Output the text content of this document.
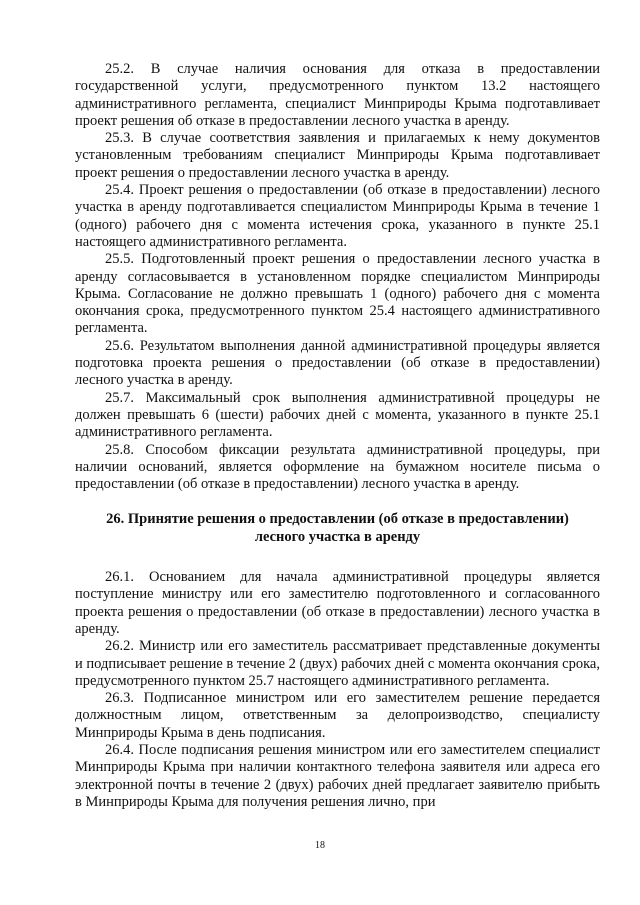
25.2. В случае наличия основания для отказа в предоставлении государственной услуги, предусмотренного пунктом 13.2 настоящего административного регламента, специалист Минприроды Крыма подготавливает проект решения об отказе в предоставлении лесного участка в аренду.

25.3. В случае соответствия заявления и прилагаемых к нему документов установленным требованиям специалист Минприроды Крыма подготавливает проект решения о предоставлении лесного участка в аренду.

25.4. Проект решения о предоставлении (об отказе в предоставлении) лесного участка в аренду подготавливается специалистом Минприроды Крыма в течение 1 (одного) рабочего дня с момента истечения срока, указанного в пункте 25.1 настоящего административного регламента.

25.5. Подготовленный проект решения о предоставлении лесного участка в аренду согласовывается в установленном порядке специалистом Минприроды Крыма. Согласование не должно превышать 1 (одного) рабочего дня с момента окончания срока, предусмотренного пунктом 25.4 настоящего административного регламента.

25.6. Результатом выполнения данной административной процедуры является подготовка проекта решения о предоставлении (об отказе в предоставлении) лесного участка в аренду.

25.7. Максимальный срок выполнения административной процедуры не должен превышать 6 (шести) рабочих дней с момента, указанного в пункте 25.1 административного регламента.

25.8. Способом фиксации результата административной процедуры, при наличии оснований, является оформление на бумажном носителе письма о предоставлении (об отказе в предоставлении) лесного участка в аренду.

26. Принятие решения о предоставлении (об отказе в предоставлении)
лесного участка в аренду

26.1. Основанием для начала административной процедуры является поступление министру или его заместителю подготовленного и согласованного проекта решения о предоставлении (об отказе в предоставлении) лесного участка в аренду.

26.2. Министр или его заместитель рассматривает представленные документы и подписывает решение в течение 2 (двух) рабочих дней с момента окончания срока, предусмотренного пунктом 25.7 настоящего административного регламента.

26.3. Подписанное министром или его заместителем решение передается должностным лицом, ответственным за делопроизводство, специалисту Минприроды Крыма в день подписания.

26.4. После подписания решения министром или его заместителем специалист Минприроды Крыма при наличии контактного телефона заявителя или адреса его электронной почты в течение 2 (двух) рабочих дней предлагает заявителю прибыть в Минприроды Крыма для получения решения лично, при

18
